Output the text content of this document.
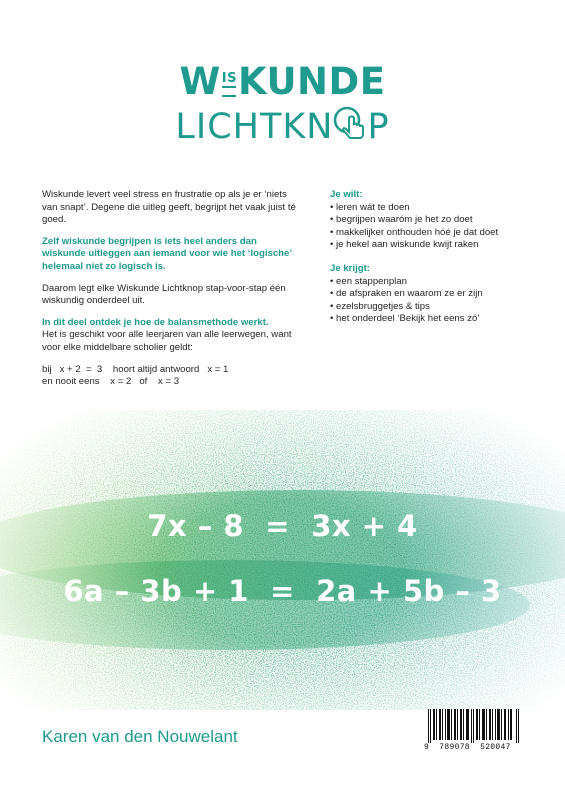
W IS KUNDE

LICHTKN P

Wiskunde levert veel stress en frustratie op als je er ‘niets van snapt’. Degene die uitleg geeft, begrijpt het vaak juist té goed.

Zelf wiskunde begrijpen is iets heel anders dan wiskunde uitleggen aan iemand voor wie het ‘logische’ helemaal niet zo logisch is.

Daarom legt elke Wiskunde Lichtknop stap-voor-stap één wiskundig onderdeel uit.

In dit deel ontdek je hoe de balansmethode werkt.
Het is geschikt voor alle leerjaren van alle leerwegen, want voor elke middelbare scholier geldt:

bij   x + 2  =  3    hoort altijd antwoord   x = 1
en nooit eens    x = 2   of    x = 3
Je wilt:
• leren wát te doen
• begrijpen waaróm je het zo doet
• makkelijker onthouden hóé je dat doet
• je hekel aan wiskunde kwijt raken
Je krijgt:
• een stappenplan
• de afspraken en waarom ze er zijn
• ezelsbruggetjes & tips
• het onderdeel ‘Bekijk het eens zó’
7x – 8  =  3x + 4
6a – 3b + 1  =  2a + 5b – 3
Karen van den Nouwelant
9  789078  520047
